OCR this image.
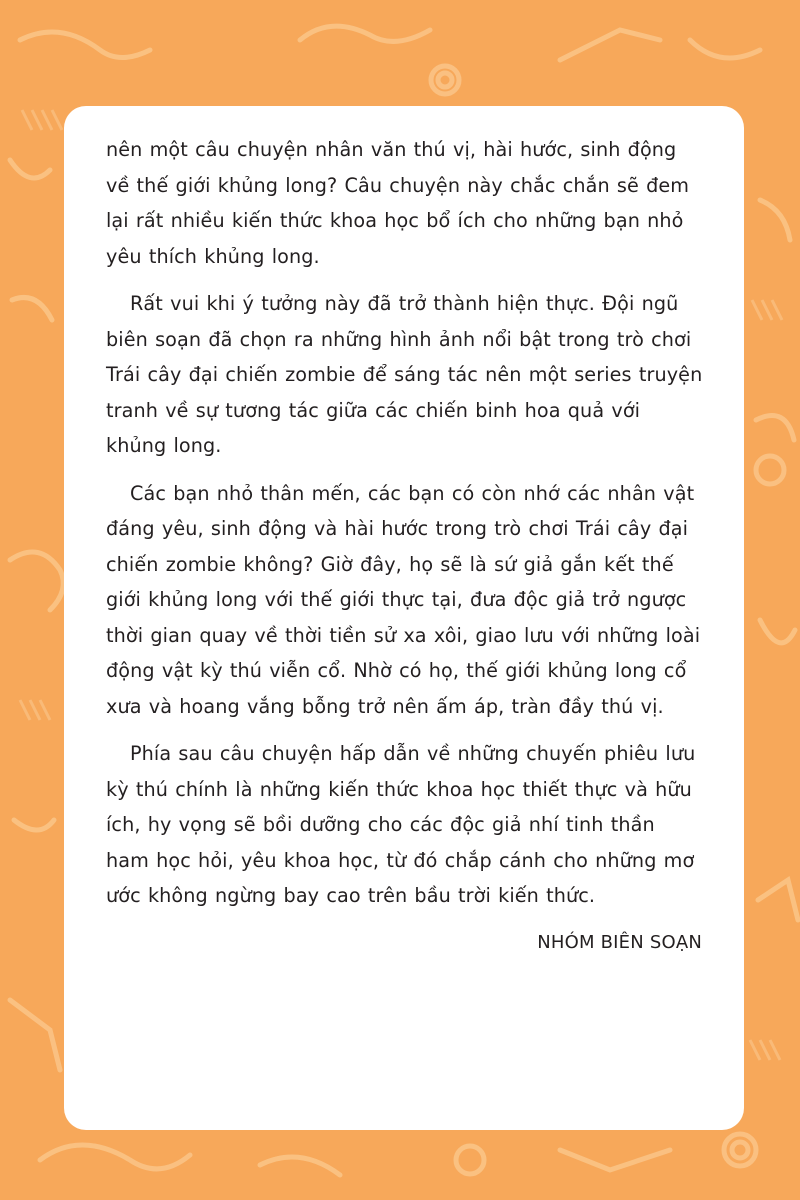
nên một câu chuyện nhân văn thú vị, hài hước, sinh động về thế giới khủng long? Câu chuyện này chắc chắn sẽ đem lại rất nhiều kiến thức khoa học bổ ích cho những bạn nhỏ yêu thích khủng long.

Rất vui khi ý tưởng này đã trở thành hiện thực. Đội ngũ biên soạn đã chọn ra những hình ảnh nổi bật trong trò chơi Trái cây đại chiến zombie để sáng tác nên một series truyện tranh về sự tương tác giữa các chiến binh hoa quả với khủng long.

Các bạn nhỏ thân mến, các bạn có còn nhớ các nhân vật đáng yêu, sinh động và hài hước trong trò chơi Trái cây đại chiến zombie không? Giờ đây, họ sẽ là sứ giả gắn kết thế giới khủng long với thế giới thực tại, đưa độc giả trở ngược thời gian quay về thời tiền sử xa xôi, giao lưu với những loài động vật kỳ thú viễn cổ. Nhờ có họ, thế giới khủng long cổ xưa và hoang vắng bỗng trở nên ấm áp, tràn đầy thú vị.

Phía sau câu chuyện hấp dẫn về những chuyến phiêu lưu kỳ thú chính là những kiến thức khoa học thiết thực và hữu ích, hy vọng sẽ bồi dưỡng cho các độc giả nhí tinh thần ham học hỏi, yêu khoa học, từ đó chắp cánh cho những mơ ước không ngừng bay cao trên bầu trời kiến thức.

NHÓM BIÊN SOẠN
